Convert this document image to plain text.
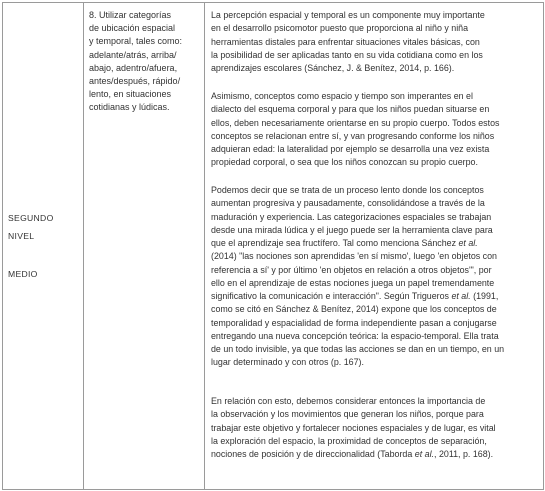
SEGUNDO
NIVEL
MEDIO
8. Utilizar categorías
de ubicación espacial
y temporal, tales como:
adelante/atrás, arriba/
abajo, adentro/afuera,
antes/después, rápido/
lento, en situaciones
cotidianas y lúdicas.
La percepción espacial y temporal es un componente muy importante
en el desarrollo psicomotor puesto que proporciona al niño y niña
herramientas distales para enfrentar situaciones vitales básicas, con
la posibilidad de ser aplicadas tanto en su vida cotidiana como en los
aprendizajes escolares (Sánchez, J. & Benítez, 2014, p. 166).
Asimismo, conceptos como espacio y tiempo son imperantes en el
dialecto del esquema corporal y para que los niños puedan situarse en
ellos, deben necesariamente orientarse en su propio cuerpo. Todos estos
conceptos se relacionan entre sí, y van progresando conforme los niños
adquieran edad: la lateralidad por ejemplo se desarrolla una vez exista
propiedad corporal, o sea que los niños conozcan su propio cuerpo.
Podemos decir que se trata de un proceso lento donde los conceptos
aumentan progresiva y pausadamente, consolidándose a través de la
maduración y experiencia. Las categorizaciones espaciales se trabajan
desde una mirada lúdica y el juego puede ser la herramienta clave para
que el aprendizaje sea fructífero. Tal como menciona Sánchez et al.
(2014) "las nociones son aprendidas 'en sí mismo', luego 'en objetos con
referencia a sí' y por último 'en objetos en relación a otros objetos'", por
ello en el aprendizaje de estas nociones juega un papel tremendamente
significativo la comunicación e interacción". Según Trigueros et al. (1991,
como se citó en Sánchez & Benítez, 2014) expone que los conceptos de
temporalidad y espacialidad de forma independiente pasan a conjugarse
entregando una nueva concepción teórica: la espacio-temporal. Ella trata
de un todo invisible, ya que todas las acciones se dan en un tiempo, en un
lugar determinado y con otros (p. 167).
En relación con esto, debemos considerar entonces la importancia de
la observación y los movimientos que generan los niños, porque para
trabajar este objetivo y fortalecer nociones espaciales y de lugar, es vital
la exploración del espacio, la proximidad de conceptos de separación,
nociones de posición y de direccionalidad (Taborda et al., 2011, p. 168).
